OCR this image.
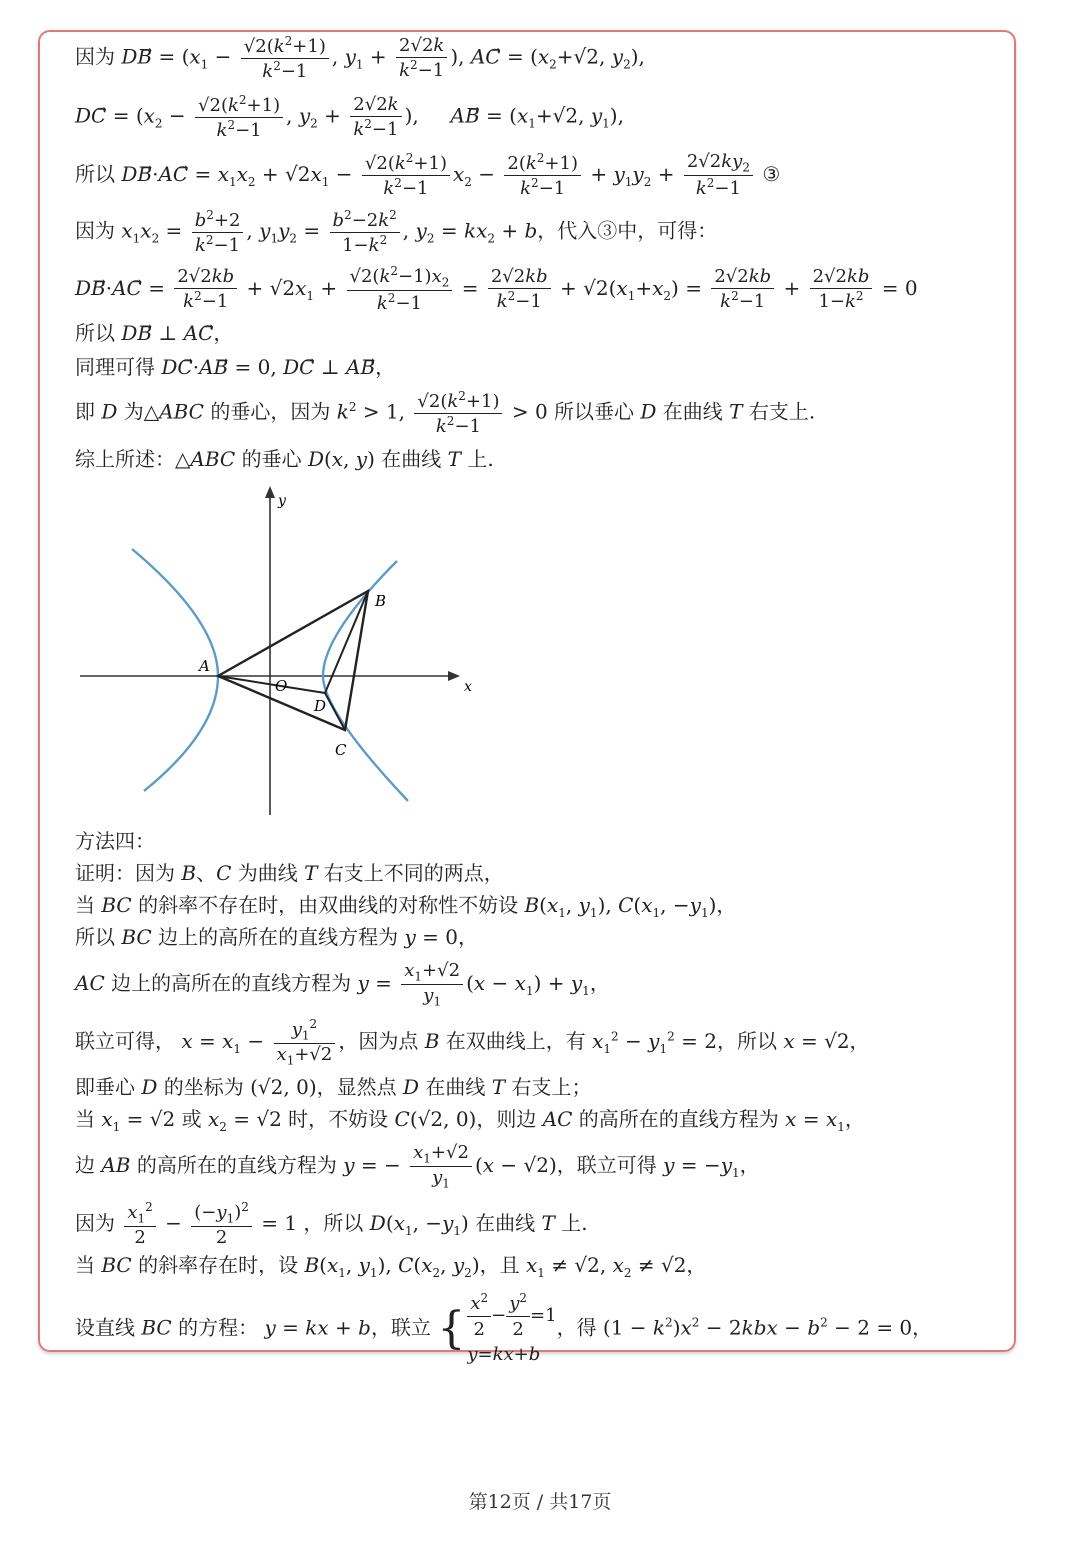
因为 DB⃗ = ($x_1 - \frac{√2(k^2+1)}{k^2-1}$ , $y_1 + \frac{2√2k}{k^2-1}$ ), AC⃗ = ($x_2+√2$, $y_2$),
DC⃗ = ($x_2 - \frac{√2(k^2+1)}{k^2-1}$ , $y_2 + \frac{2√2k}{k^2-1}$ ),     AB⃗ = ($x_1+√2$, $y_1$),
所以 DB⃗·AC⃗ = $x_1x_2 + √2x_1 - \frac{√2(k^2+1)}{k^2-1} x_2 - \frac{2(k^2+1)}{k^2-1} + y_1y_2 + \frac{2√2ky_2}{k^2-1}$ ③
因为 $x_1x_2 = \frac{b^2+2}{k^2-1}$ , $y_1y_2 = \frac{b^2-2k^2}{1-k^2}$ , $y_2 = kx_2 + b$，代入③中，可得：
DB⃗·AC⃗ = $\frac{2√2kb}{k^2-1} + √2x_1 + \frac{√2(k^2-1)x_2}{k^2-1} = \frac{2√2kb}{k^2-1} + √2(x_1+x_2) = \frac{2√2kb}{k^2-1} + \frac{2√2kb}{1-k^2} = 0$
所以 DB⃗ ⊥ AC⃗，
同理可得 DC⃗·AB⃗ = 0, DC⃗ ⊥ AB⃗，
即 D 为△ABC 的垂心，因为 $k^2 > 1$, $\frac{√2(k^2+1)}{k^2-1} > 0$ 所以垂心 D 在曲线 T 右支上.
综上所述：△ABC 的垂心 D(x, y) 在曲线 T 上.
x
y
A
B
C
D
O
方法四：
证明：因为 B、C 为曲线 T 右支上不同的两点，
当 BC 的斜率不存在时，由双曲线的对称性不妨设 $B(x_1$, $y_1$), $C(x_1$, $-y_1$)，
所以 BC 边上的高所在的直线方程为 y = 0，
AC 边上的高所在的直线方程为 $y = \frac{x_1+√2}{y_1} (x - x_1) + y_1$，
联立可得， $x = x_1 - \frac{y_1^2}{x_1+√2}$ ，因为点 B 在双曲线上，有 $x_1^2 - y_1^2 = 2$，所以 x = √2，
即垂心 D 的坐标为 (√2, 0)，显然点 D 在曲线 T 右支上；
当 $x_1 = √2$ 或 $x_2 = √2$ 时，不妨设 C(√2, 0)，则边 AC 的高所在的直线方程为 $x = x_1$，
边 AB 的高所在的直线方程为 y = − $\frac{x_1+√2}{y_1} (x - √2)$，联立可得 $y = -y_1$，
因为 $\frac{x_1^2}{2} - \frac{(-y_1)^2}{2} = 1$ ，所以 $D(x_1$, $-y_1$) 在曲线 T 上.
当 BC 的斜率存在时，设 $B(x_1$, $y_1$), $C(x_2$, $y_2$)，且 $x_1 \ne √2$, $x_2 \ne √2$，
设直线 BC 的方程： y = kx + b，联立 { $\frac{x^2}{2} - \frac{y^2}{2} =1$
y=kx+b，得 $(1 - k^2)x^2 - 2kbx - b^2 - 2 = 0$，
第12页 / 共17页
